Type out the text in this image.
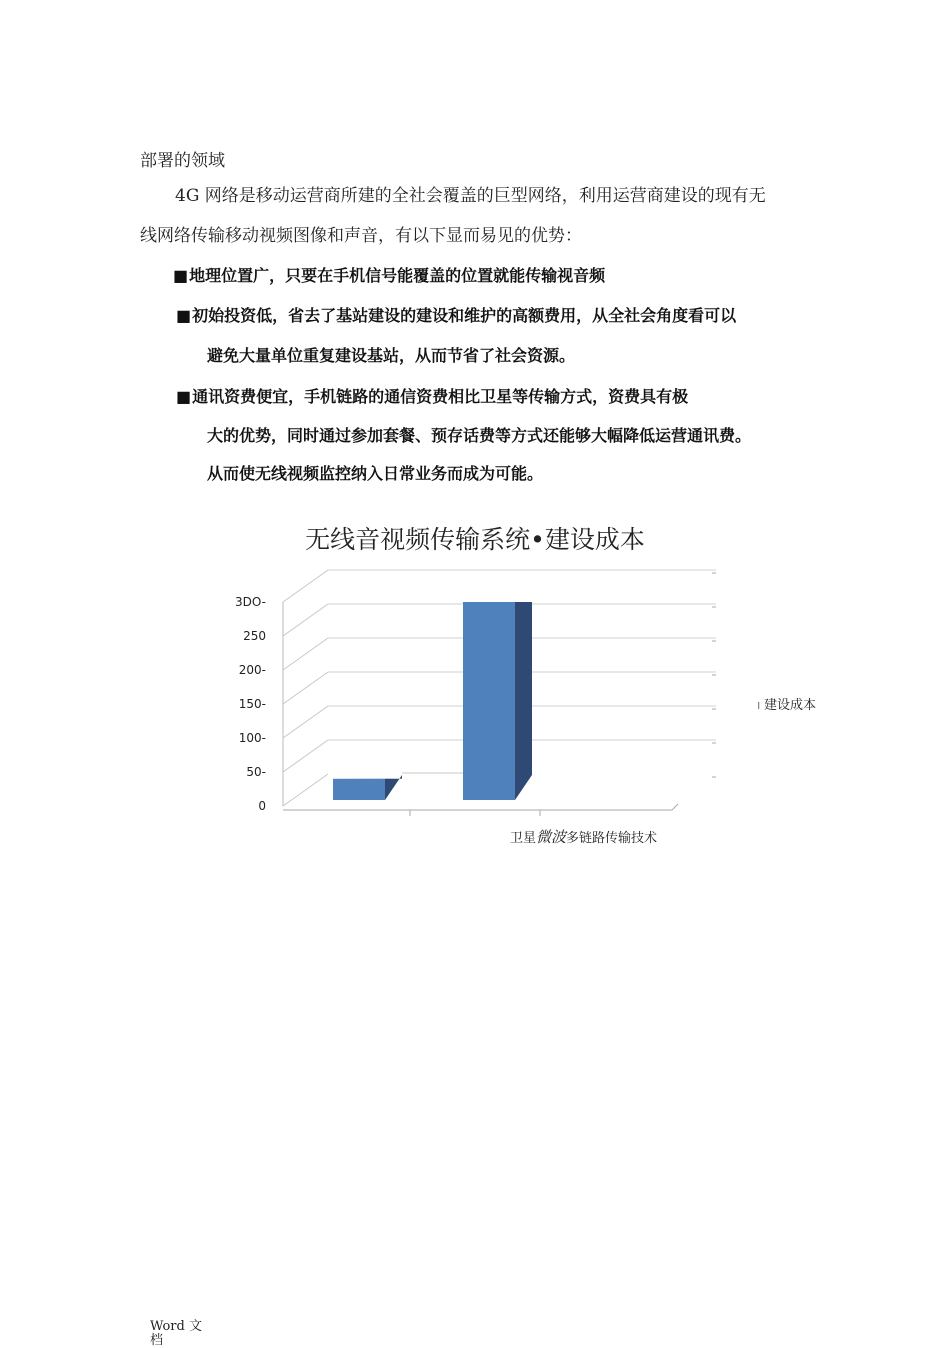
部署的领域
4G 网络是移动运营商所建的全社会覆盖的巨型网络，利用运营商建设的现有无
线网络传输移动视频图像和声音，有以下显而易见的优势：
■地理位置广，只要在手机信号能覆盖的位置就能传输视音频
■初始投资低，省去了基站建设的建设和维护的高额费用，从全社会角度看可以
避免大量单位重复建设基站，从而节省了社会资源。
■通讯资费便宜，手机链路的通信资费相比卫星等传输方式，资费具有极
大的优势，同时通过参加套餐、预存话费等方式还能够大幅降低运营通讯费。
从而使无线视频监控纳入日常业务而成为可能。
无线音视频传输系统•建设成本
0
50-
100-
150-
200-
250
3DO-
卫星微波多链路传输技术
ı 建设成本
Word 文
档
